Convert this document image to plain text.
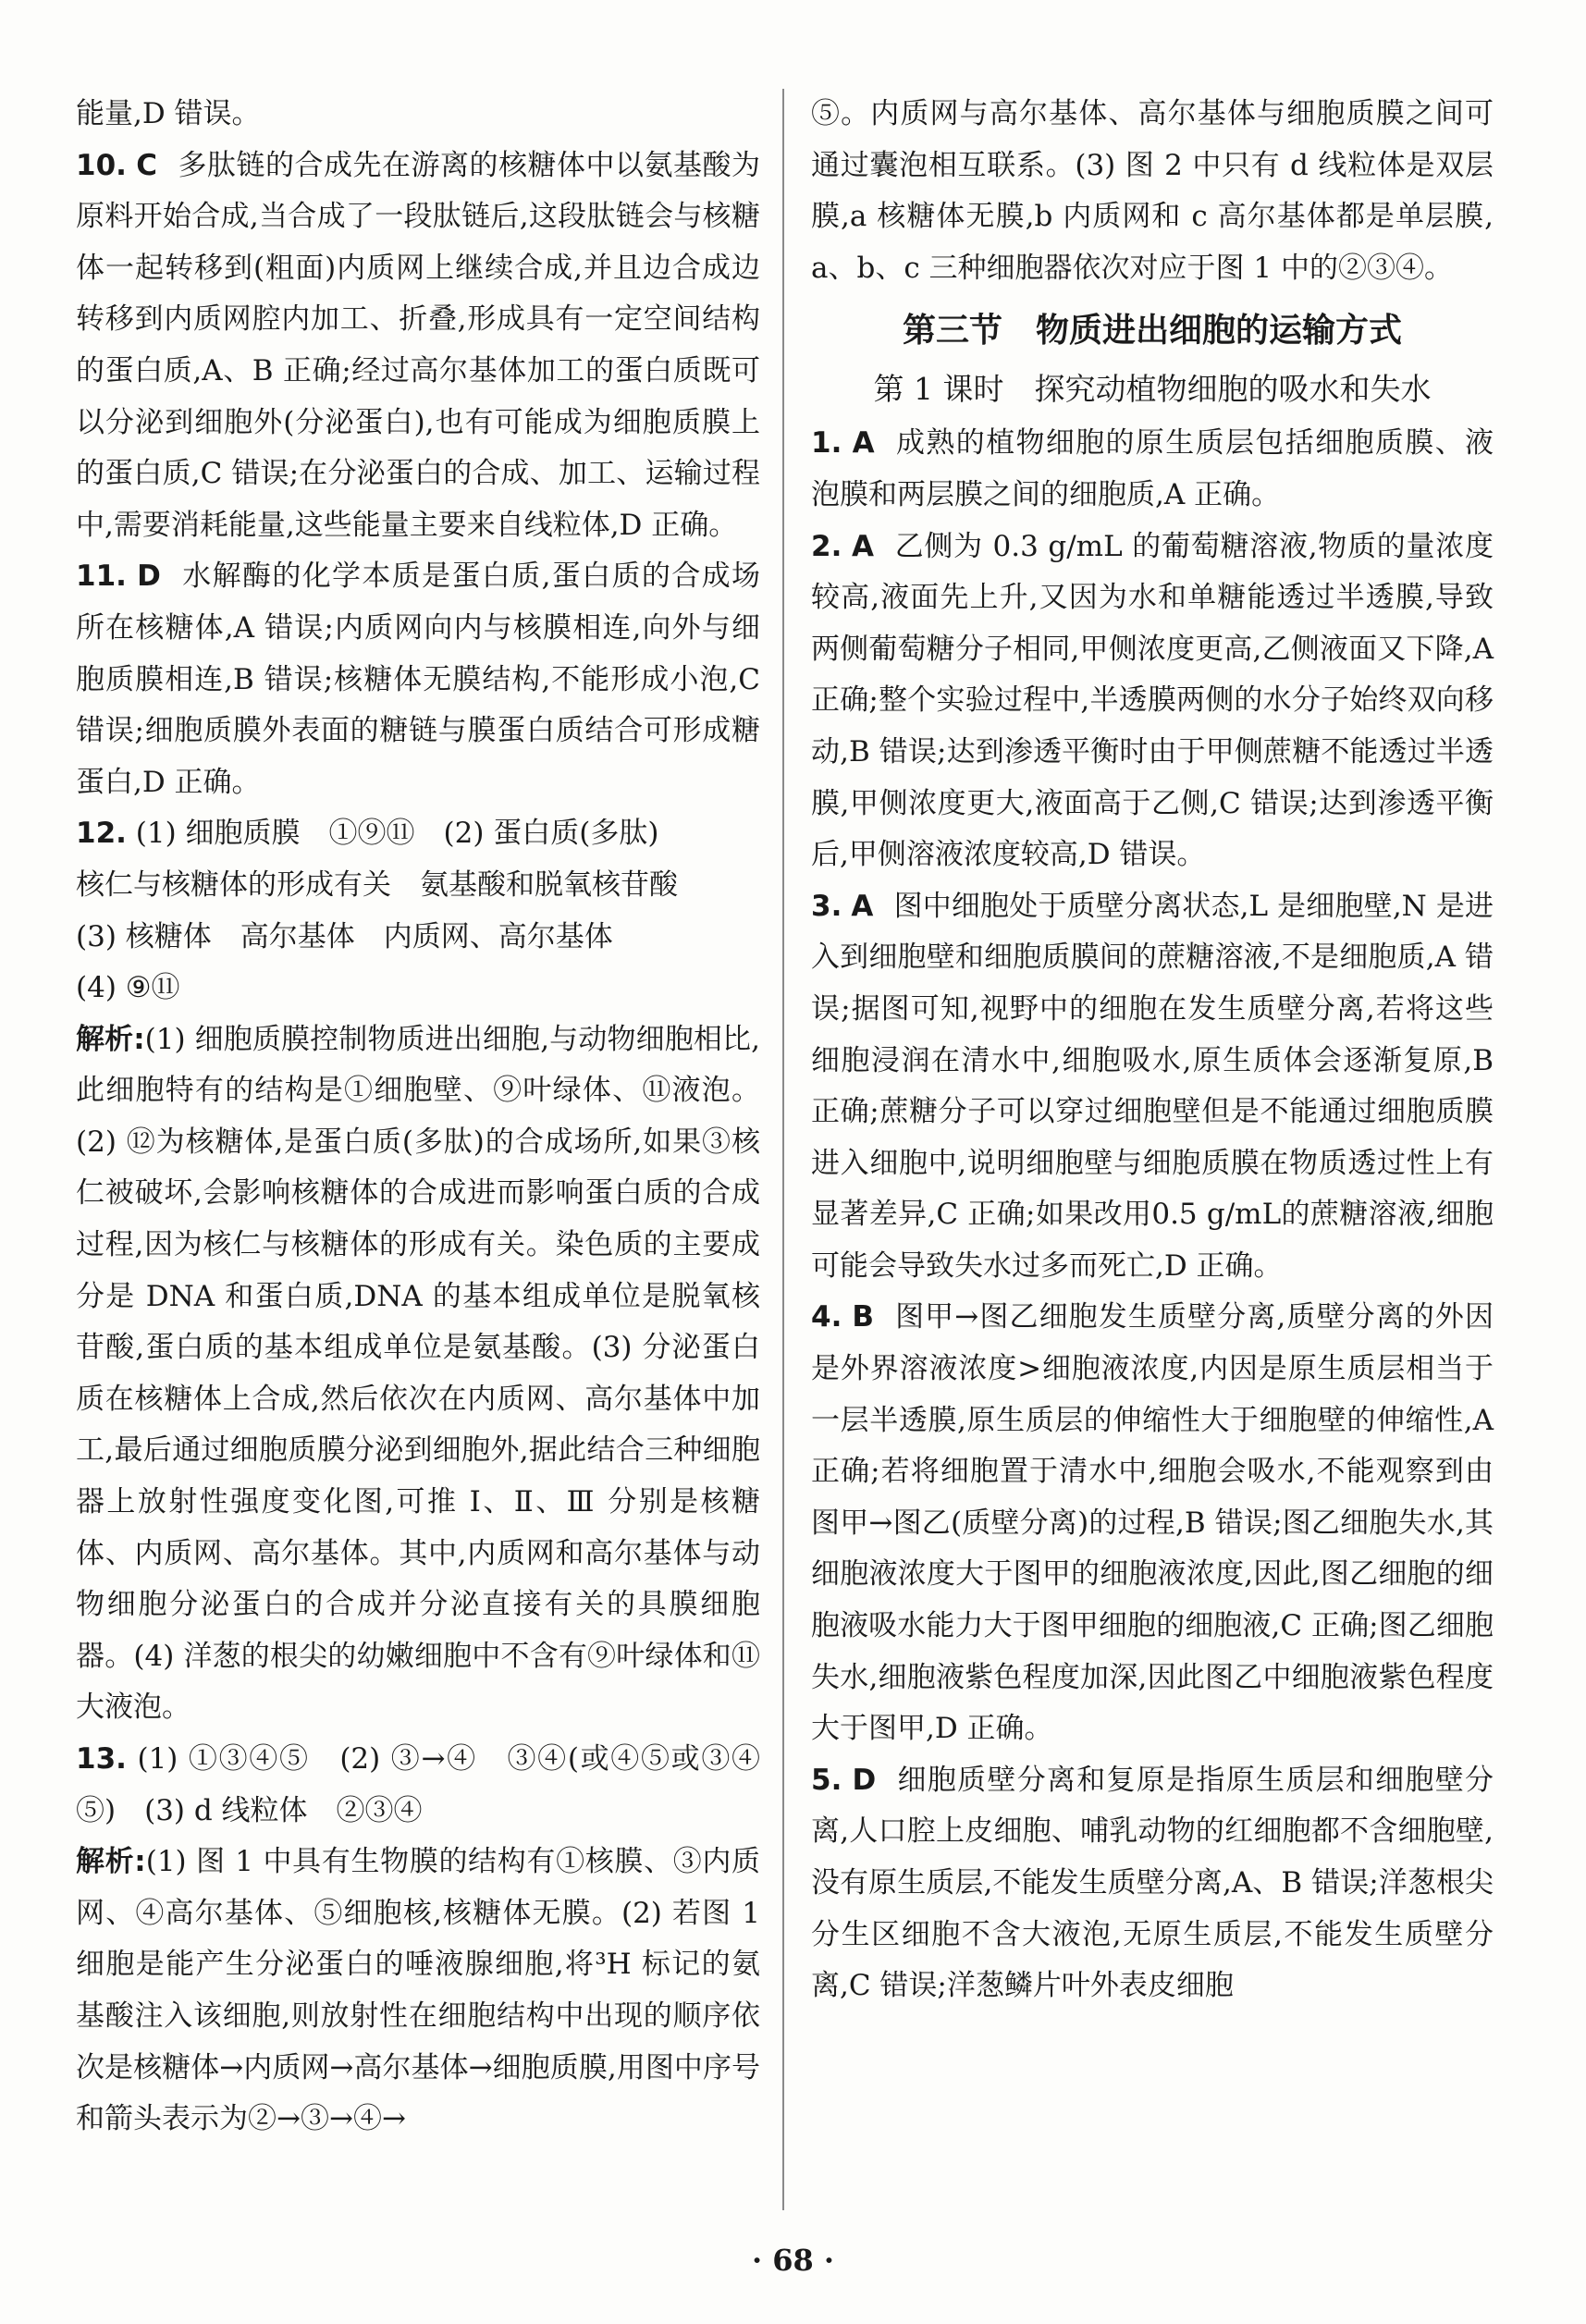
能量,D 错误。

10. C 多肽链的合成先在游离的核糖体中以氨基酸为原料开始合成,当合成了一段肽链后,这段肽链会与核糖体一起转移到(粗面)内质网上继续合成,并且边合成边转移到内质网腔内加工、折叠,形成具有一定空间结构的蛋白质,A、B 正确;经过高尔基体加工的蛋白质既可以分泌到细胞外(分泌蛋白),也有可能成为细胞质膜上的蛋白质,C 错误;在分泌蛋白的合成、加工、运输过程中,需要消耗能量,这些能量主要来自线粒体,D 正确。

11. D 水解酶的化学本质是蛋白质,蛋白质的合成场所在核糖体,A 错误;内质网向内与核膜相连,向外与细胞质膜相连,B 错误;核糖体无膜结构,不能形成小泡,C 错误;细胞质膜外表面的糖链与膜蛋白质结合可形成糖蛋白,D 正确。

12. (1) 细胞质膜　①⑨⑪　(2) 蛋白质(多肽)
核仁与核糖体的形成有关　氨基酸和脱氧核苷酸
(3) 核糖体　高尔基体　内质网、高尔基体
(4) ⑨⑪

解析:(1) 细胞质膜控制物质进出细胞,与动物细胞相比,此细胞特有的结构是①细胞壁、⑨叶绿体、⑪液泡。(2) ⑫为核糖体,是蛋白质(多肽)的合成场所,如果③核仁被破坏,会影响核糖体的合成进而影响蛋白质的合成过程,因为核仁与核糖体的形成有关。染色质的主要成分是 DNA 和蛋白质,DNA 的基本组成单位是脱氧核苷酸,蛋白质的基本组成单位是氨基酸。(3) 分泌蛋白质在核糖体上合成,然后依次在内质网、高尔基体中加工,最后通过细胞质膜分泌到细胞外,据此结合三种细胞器上放射性强度变化图,可推 Ⅰ、Ⅱ、Ⅲ 分别是核糖体、内质网、高尔基体。其中,内质网和高尔基体与动物细胞分泌蛋白的合成并分泌直接有关的具膜细胞器。(4) 洋葱的根尖的幼嫩细胞中不含有⑨叶绿体和⑪大液泡。

13. (1) ①③④⑤　(2) ③→④　③④(或④⑤或③④⑤)　(3) d 线粒体　②③④

解析:(1) 图 1 中具有生物膜的结构有①核膜、③内质网、④高尔基体、⑤细胞核,核糖体无膜。(2) 若图 1 细胞是能产生分泌蛋白的唾液腺细胞,将³H 标记的氨基酸注入该细胞,则放射性在细胞结构中出现的顺序依次是核糖体→内质网→高尔基体→细胞质膜,用图中序号和箭头表示为②→③→④→

⑤。内质网与高尔基体、高尔基体与细胞质膜之间可通过囊泡相互联系。(3) 图 2 中只有 d 线粒体是双层膜,a 核糖体无膜,b 内质网和 c 高尔基体都是单层膜,a、b、c 三种细胞器依次对应于图 1 中的②③④。

第三节　物质进出细胞的运输方式
第 1 课时　探究动植物细胞的吸水和失水

1. A 成熟的植物细胞的原生质层包括细胞质膜、液泡膜和两层膜之间的细胞质,A 正确。

2. A 乙侧为 0.3 g/mL 的葡萄糖溶液,物质的量浓度较高,液面先上升,又因为水和单糖能透过半透膜,导致两侧葡萄糖分子相同,甲侧浓度更高,乙侧液面又下降,A 正确;整个实验过程中,半透膜两侧的水分子始终双向移动,B 错误;达到渗透平衡时由于甲侧蔗糖不能透过半透膜,甲侧浓度更大,液面高于乙侧,C 错误;达到渗透平衡后,甲侧溶液浓度较高,D 错误。

3. A 图中细胞处于质壁分离状态,L 是细胞壁,N 是进入到细胞壁和细胞质膜间的蔗糖溶液,不是细胞质,A 错误;据图可知,视野中的细胞在发生质壁分离,若将这些细胞浸润在清水中,细胞吸水,原生质体会逐渐复原,B 正确;蔗糖分子可以穿过细胞壁但是不能通过细胞质膜进入细胞中,说明细胞壁与细胞质膜在物质透过性上有显著差异,C 正确;如果改用0.5 g/mL的蔗糖溶液,细胞可能会导致失水过多而死亡,D 正确。

4. B 图甲→图乙细胞发生质壁分离,质壁分离的外因是外界溶液浓度>细胞液浓度,内因是原生质层相当于一层半透膜,原生质层的伸缩性大于细胞壁的伸缩性,A 正确;若将细胞置于清水中,细胞会吸水,不能观察到由图甲→图乙(质壁分离)的过程,B 错误;图乙细胞失水,其细胞液浓度大于图甲的细胞液浓度,因此,图乙细胞的细胞液吸水能力大于图甲细胞的细胞液,C 正确;图乙细胞失水,细胞液紫色程度加深,因此图乙中细胞液紫色程度大于图甲,D 正确。

5. D 细胞质壁分离和复原是指原生质层和细胞壁分离,人口腔上皮细胞、哺乳动物的红细胞都不含细胞壁,没有原生质层,不能发生质壁分离,A、B 错误;洋葱根尖分生区细胞不含大液泡,无原生质层,不能发生质壁分离,C 错误;洋葱鳞片叶外表皮细胞

· 68 ·
